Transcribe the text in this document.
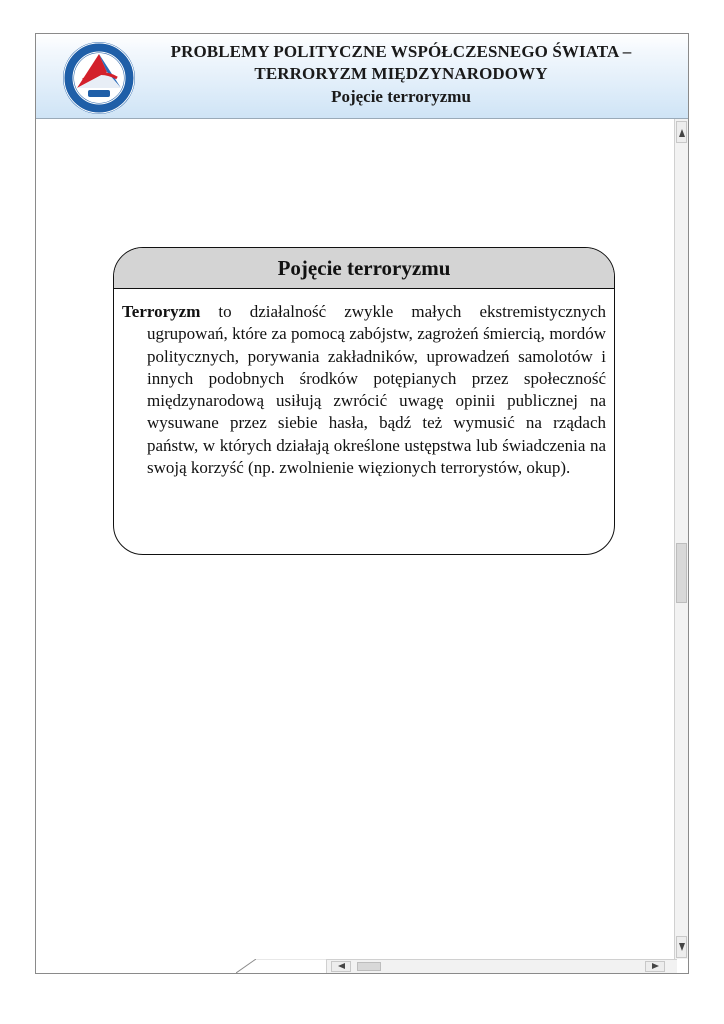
PROBLEMY POLITYCZNE WSPÓŁCZESNEGO ŚWIATA –
TERRORYZM MIĘDZYNARODOWY
Pojęcie terroryzmu
Pojęcie terroryzmu

Terroryzm to działalność zwykle małych ekstremistycznych ugrupowań, które za pomocą zabójstw, zagrożeń śmiercią, mordów politycznych, porywania zakładników, uprowadzeń samolotów i innych podobnych środków potępianych przez społeczność międzynarodową usiłują zwrócić uwagę opinii publicznej na wysuwane przez siebie hasła, bądź też wymusić na rządach państw, w których działają określone ustępstwa lub świadczenia na swoją korzyść (np. zwolnienie więzionych terrorystów, okup).
